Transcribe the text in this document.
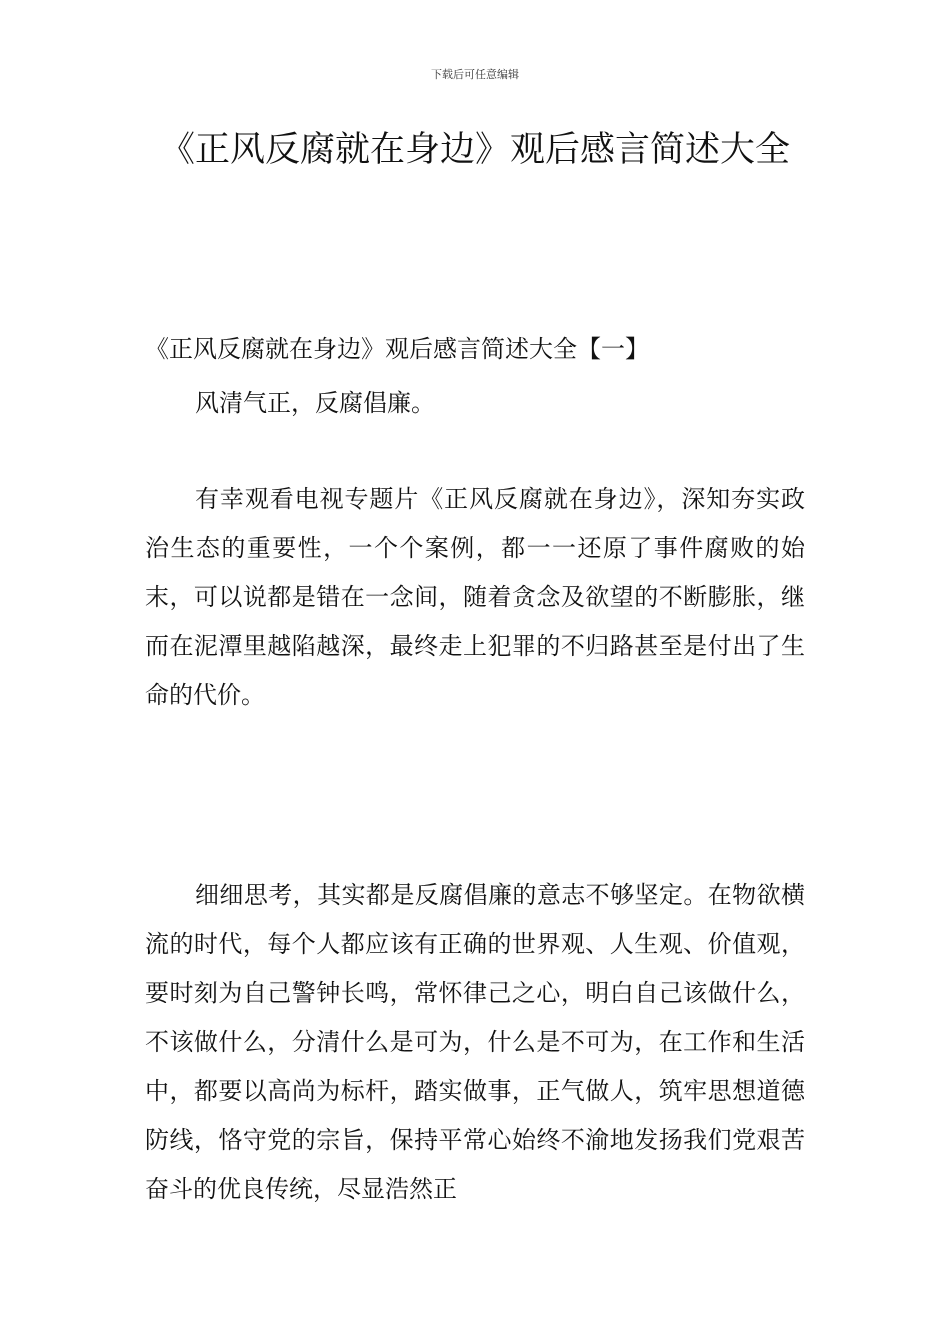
下载后可任意编辑
《正风反腐就在身边》观后感言简述大全
《正风反腐就在身边》观后感言简述大全【一】

风清气正，反腐倡廉。

有幸观看电视专题片《正风反腐就在身边》，深知夯实政治生态的重要性，一个个案例，都一一还原了事件腐败的始末，可以说都是错在一念间，随着贪念及欲望的不断膨胀，继而在泥潭里越陷越深，最终走上犯罪的不归路甚至是付出了生命的代价。

细细思考，其实都是反腐倡廉的意志不够坚定。在物欲横流的时代，每个人都应该有正确的世界观、人生观、价值观，要时刻为自己警钟长鸣，常怀律己之心，明白自己该做什么，不该做什么，分清什么是可为，什么是不可为，在工作和生活中，都要以高尚为标杆，踏实做事，正气做人，筑牢思想道德防线，恪守党的宗旨，保持平常心始终不渝地发扬我们党艰苦奋斗的优良传统，尽显浩然正
